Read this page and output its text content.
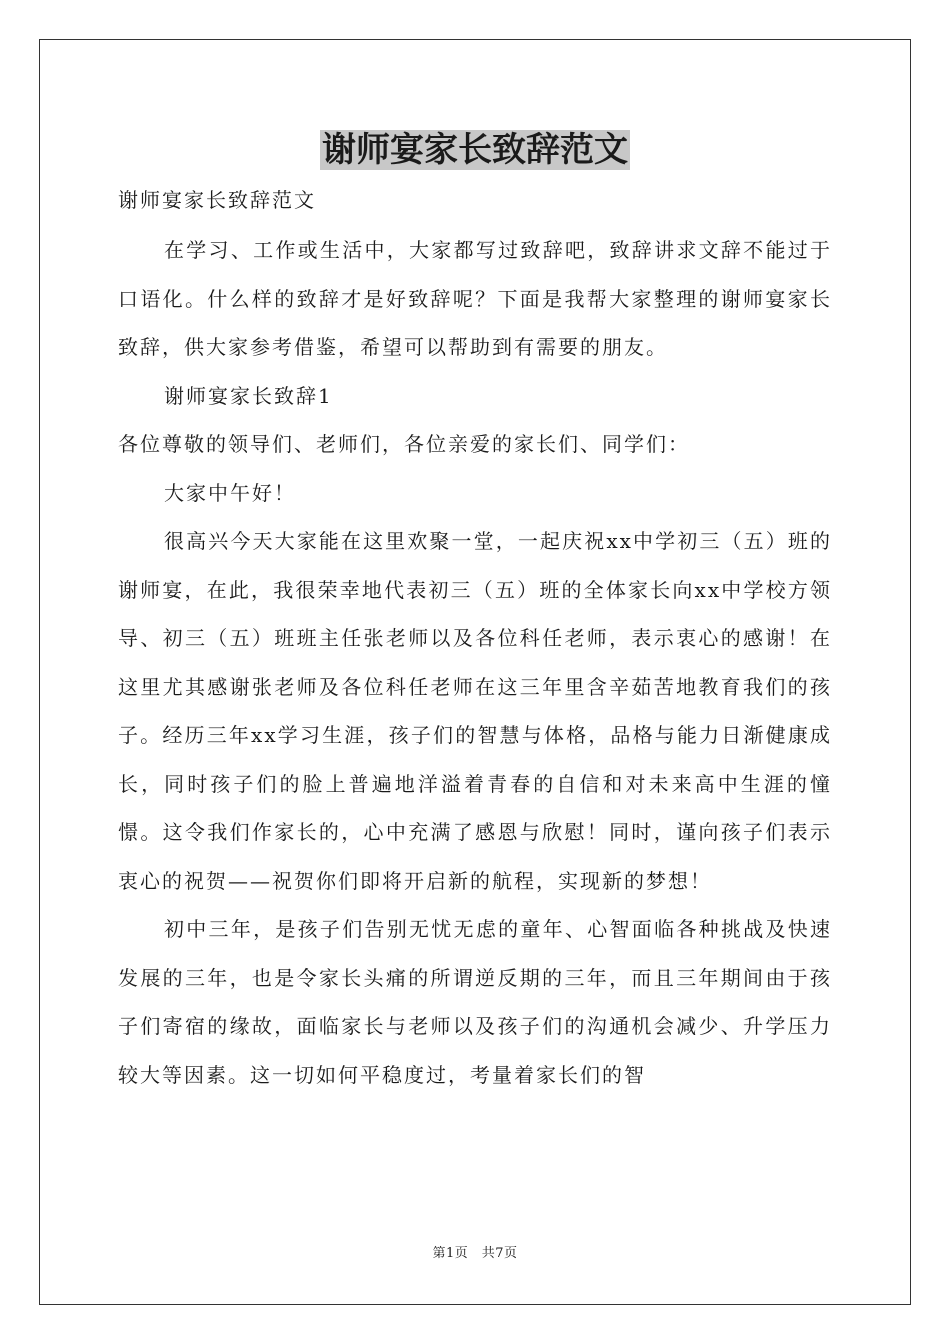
谢师宴家长致辞范文
谢师宴家长致辞范文

在学习、工作或生活中，大家都写过致辞吧，致辞讲求文辞不能过于口语化。什么样的致辞才是好致辞呢？下面是我帮大家整理的谢师宴家长致辞，供大家参考借鉴，希望可以帮助到有需要的朋友。

谢师宴家长致辞1

各位尊敬的领导们、老师们，各位亲爱的家长们、同学们：

大家中午好！

很高兴今天大家能在这里欢聚一堂，一起庆祝xx中学初三（五）班的谢师宴，在此，我很荣幸地代表初三（五）班的全体家长向xx中学校方领导、初三（五）班班主任张老师以及各位科任老师，表示衷心的感谢！在这里尤其感谢张老师及各位科任老师在这三年里含辛茹苦地教育我们的孩子。经历三年xx学习生涯，孩子们的智慧与体格，品格与能力日渐健康成长，同时孩子们的脸上普遍地洋溢着青春的自信和对未来高中生涯的憧憬。这令我们作家长的，心中充满了感恩与欣慰！同时，谨向孩子们表示衷心的祝贺——祝贺你们即将开启新的航程，实现新的梦想！

初中三年，是孩子们告别无忧无虑的童年、心智面临各种挑战及快速发展的三年，也是令家长头痛的所谓逆反期的三年，而且三年期间由于孩子们寄宿的缘故，面临家长与老师以及孩子们的沟通机会减少、升学压力较大等因素。这一切如何平稳度过，考量着家长们的智

第1页　共7页
